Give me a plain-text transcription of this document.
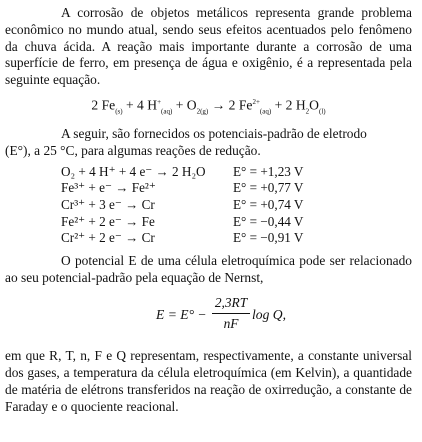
A corrosão de objetos metálicos representa grande problema econômico no mundo atual, sendo seus efeitos acentuados pelo fenômeno da chuva ácida. A reação mais importante durante a corrosão de uma superfície de ferro, em presença de água e oxigênio, é a representada pela seguinte equação.

2 $Fe_{(s)} + 4$ $H^+_{(aq)} + O_{2(g)} \to 2$ $Fe^{2+}_{(aq)} + 2$ $H_2O_{(l)}$

A seguir, são fornecidos os potenciais-padrão de eletrodo

(E°), a 25 °C, para algumas reações de redução.

O₂ + 4 H⁺ + 4 e⁻ → 2 H₂O	E° = +1,23 V
Fe³⁺ + e⁻ → Fe²⁺	E° = +0,77 V
Cr³⁺ + 3 e⁻ → Cr	E° = +0,74 V
Fe²⁺ + 2 e⁻ → Fe	E° = −0,44 V
Cr²⁺ + 2 e⁻ → Cr	E° = −0,91 V

O potencial E de uma célula eletroquímica pode ser relacionado ao seu potencial-padrão pela equação de Nernst,

E = E° −
2,3RT
nF
log Q,

em que R, T, n, F e Q representam, respectivamente, a constante universal dos gases, a temperatura da célula eletroquímica (em Kelvin), a quantidade de matéria de elétrons transferidos na reação de oxirredução, a constante de Faraday e o quociente reacional.
